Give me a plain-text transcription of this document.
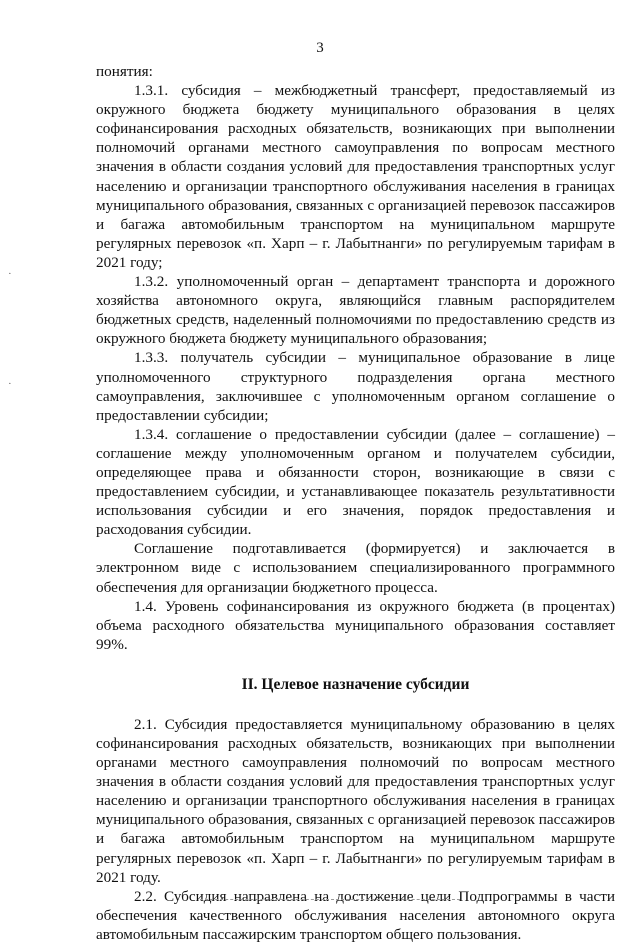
3

понятия:

1.3.1. субсидия – межбюджетный трансферт, предоставляемый из окружного бюджета бюджету муниципального образования в целях софинансирования расходных обязательств, возникающих при выполнении полномочий органами местного самоуправления по вопросам местного значения в области создания условий для предоставления транспортных услуг населению и организации транспортного обслуживания населения в границах муниципального образования, связанных с организацией перевозок пассажиров и багажа автомобильным транспортом на муниципальном маршруте регулярных перевозок «п. Харп – г. Лабытнанги» по регулируемым тарифам в 2021 году;

1.3.2. уполномоченный орган – департамент транспорта и дорожного хозяйства автономного округа, являющийся главным распорядителем бюджетных средств, наделенный полномочиями по предоставлению средств из окружного бюджета бюджету муниципального образования;

1.3.3. получатель субсидии – муниципальное образование в лице уполномоченного структурного подразделения органа местного самоуправления, заключившее с уполномоченным органом соглашение о предоставлении субсидии;

1.3.4. соглашение о предоставлении субсидии (далее – соглашение) – соглашение между уполномоченным органом и получателем субсидии, определяющее права и обязанности сторон, возникающие в связи с предоставлением субсидии, и устанавливающее показатель результативности использования субсидии и его значения, порядок предоставления и расходования субсидии.

Соглашение подготавливается (формируется) и заключается в электронном виде с использованием специализированного программного обеспечения для организации бюджетного процесса.

1.4. Уровень софинансирования из окружного бюджета (в процентах) объема расходного обязательства муниципального образования составляет 99%.

II. Целевое назначение субсидии

2.1. Субсидия предоставляется муниципальному образованию в целях софинансирования расходных обязательств, возникающих при выполнении органами местного самоуправления полномочий по вопросам местного значения в области создания условий для предоставления транспортных услуг населению и организации транспортного обслуживания населения в границах муниципального образования, связанных с организацией перевозок пассажиров и багажа автомобильным транспортом на муниципальном маршруте регулярных перевозок «п. Харп – г. Лабытнанги» по регулируемым тарифам в 2021 году.

2.2. Субсидия направлена на достижение цели Подпрограммы в части обеспечения качественного обслуживания населения автономного округа автомобильным пассажирским транспортом общего пользования.

·
·
